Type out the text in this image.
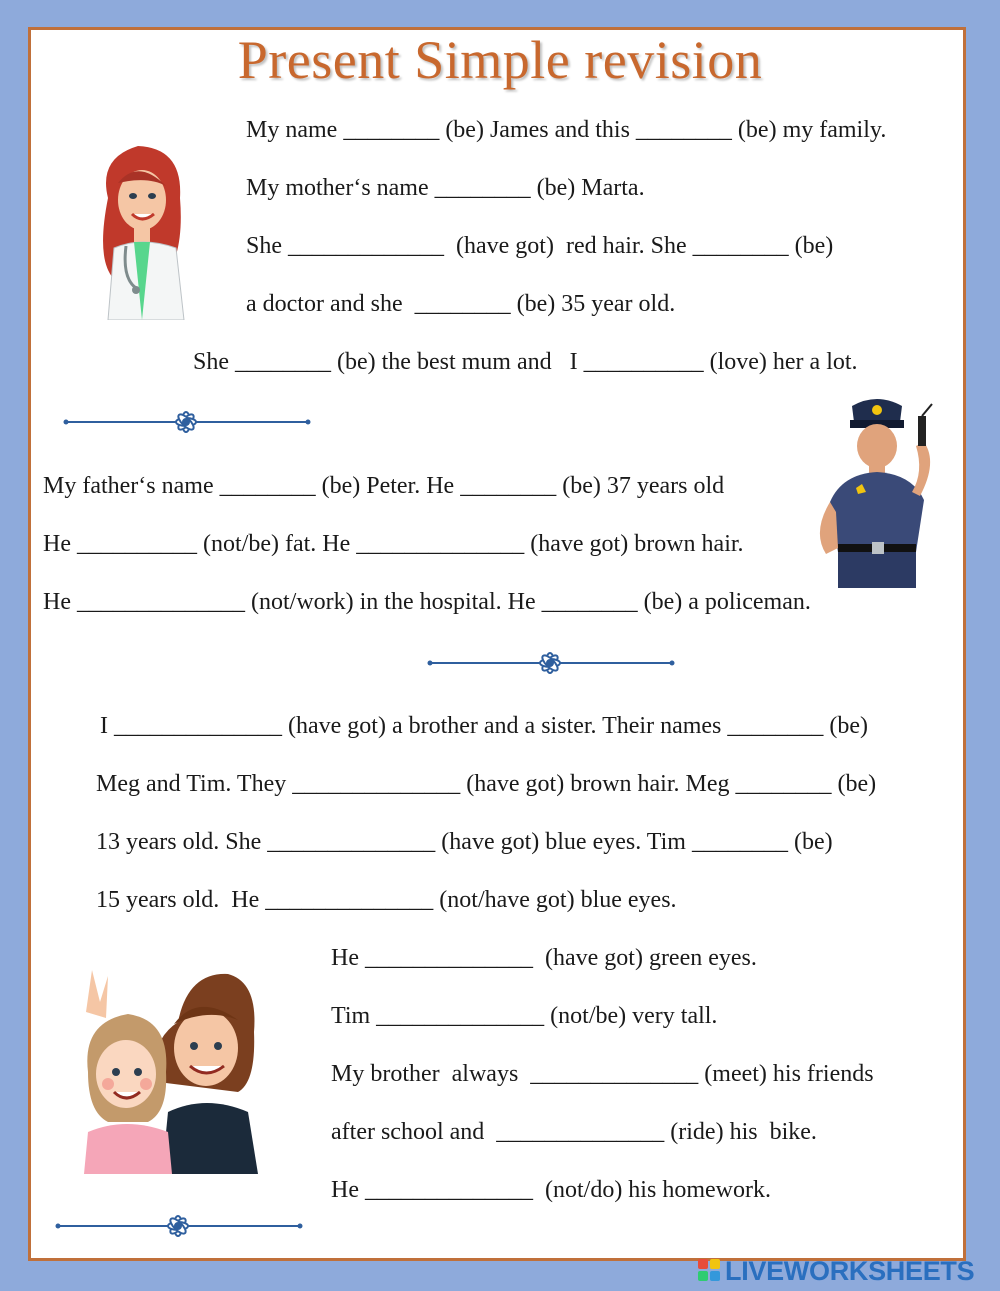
Present Simple revision
My name ________ (be) James and this ________ (be) my family.
My mother‘s name ________ (be) Marta.
She _____________  (have got)  red hair. She ________ (be)
a doctor and she  ________ (be) 35 year old.
She ________ (be) the best mum and   I __________ (love) her a lot.
My father‘s name ________ (be) Peter. He ________ (be) 37 years old
He __________ (not/be) fat. He ______________ (have got) brown hair.
He ______________ (not/work) in the hospital. He ________ (be) a policeman.
I ______________ (have got) a brother and a sister. Their names ________ (be)
Meg and Tim. They ______________ (have got) brown hair. Meg ________ (be)
13 years old. She ______________ (have got) blue eyes. Tim ________ (be)
15 years old.  He ______________ (not/have got) blue eyes.
He ______________  (have got) green eyes.
Tim ______________ (not/be) very tall.
My brother  always  ______________ (meet) his friends
after school and  ______________ (ride) his  bike.
He ______________  (not/do) his homework.
LIVEWORKSHEETS
